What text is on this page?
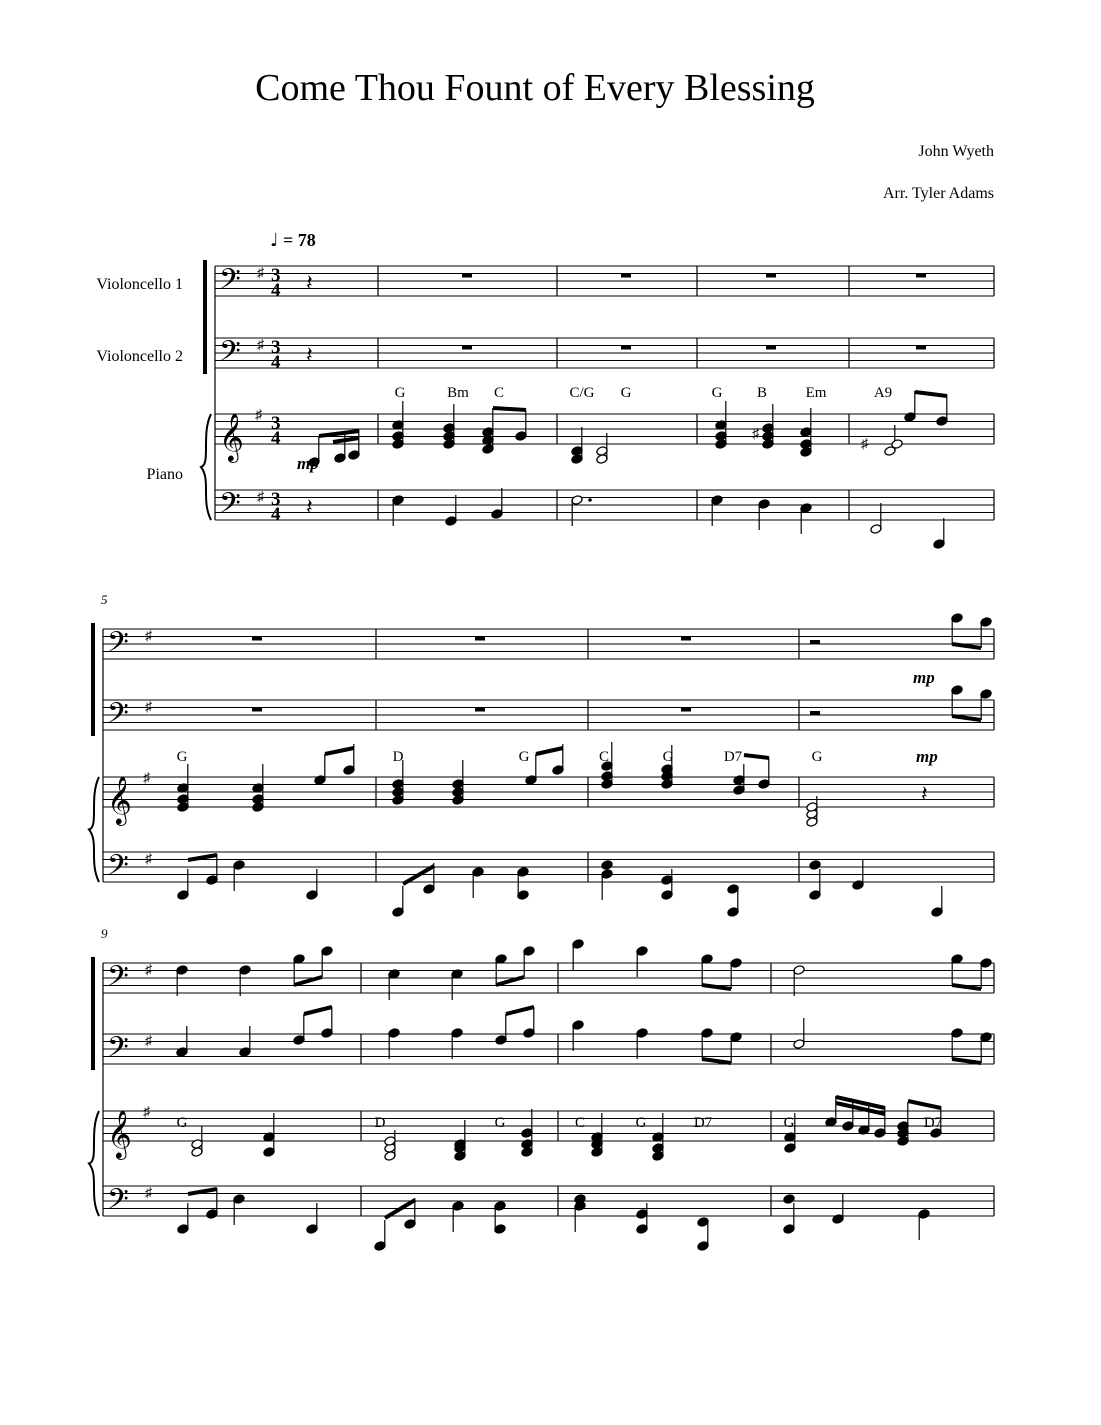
Come Thou Fount of Every Blessing
John Wyeth
Arr. Tyler Adams
♩ = 78
Violoncello 1
Violoncello 2
Piano
𝄢 ♯
𝄢 ♯
𝄞 ♯
𝄢 ♯
3
4
3
4
3
4
3
4
𝄢 ♯
𝄢 ♯
𝄞 ♯
𝄢 ♯
𝄢 ♯
𝄢 ♯
𝄞 ♯
𝄢 ♯
♯
♯
𝄽
𝄽
𝄽
𝄽
5
9
G	Bm C	C/G G	G B	Em	A9
G	D	G	C	G	D7	G
G	D	G	C	G	D7	G	D7
mp
mp
mp
